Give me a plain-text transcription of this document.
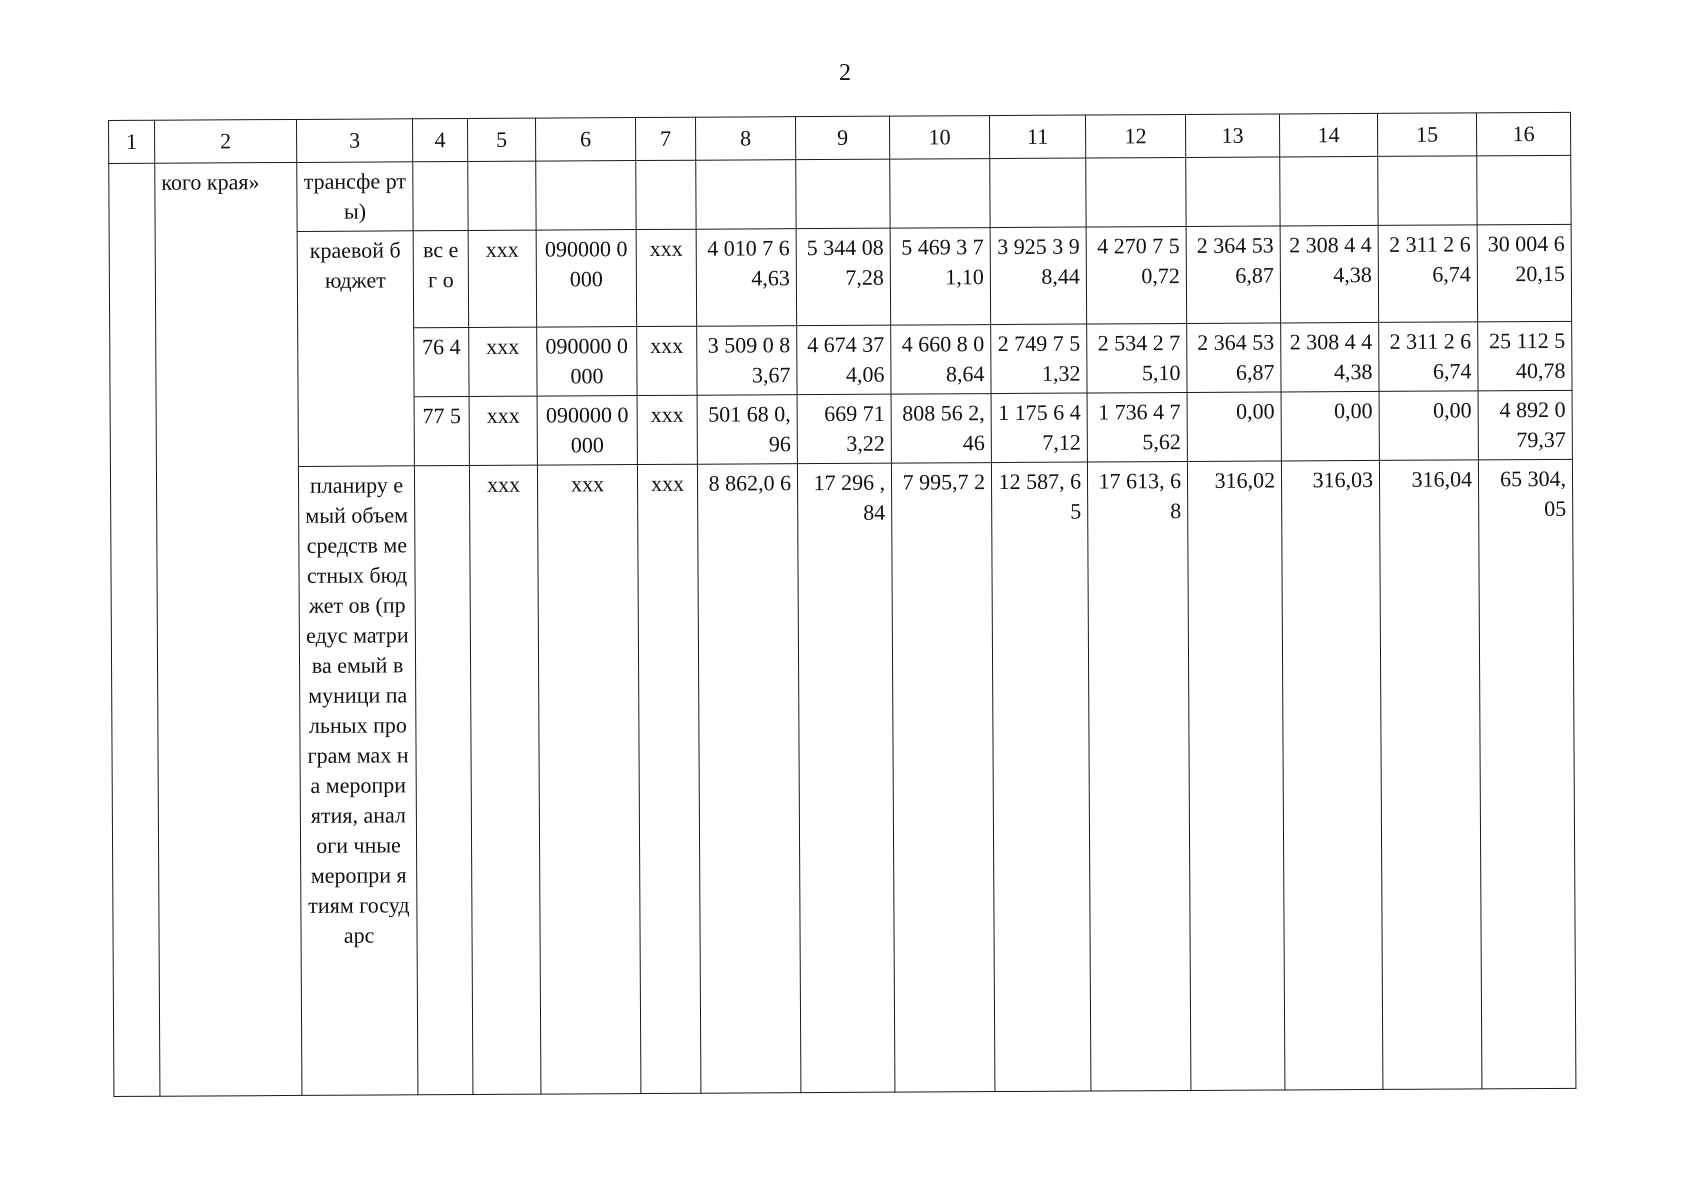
2
1	2	3	4	5	6	7	8	9	10	11	12	13	14	15	16
	кого края»	трансфе рты)													
		краевой бюджет	вс ег о	ххх	090000 0000	ххх	4 010 7 64,63	5 344 087,28	5 469 3 71,10	3 925 3 98,44	4 270 7 50,72	2 364 536,87	2 308 4 44,38	2 311 2 66,74	30 004 620,15
			76 4	ххх	090000 0000	ххх	3 509 0 83,67	4 674 374,06	4 660 8 08,64	2 749 7 51,32	2 534 2 75,10	2 364 536,87	2 308 4 44,38	2 311 2 66,74	25 112 540,78
			77 5	ххх	090000 0000	ххх	501 68 0,96	669 71 3,22	808 56 2,46	1 175 6 47,12	1 736 4 75,62	0,00	0,00	0,00	4 892 0 79,37
		планиру емый объем средств местных бюджет ов (предус матрива емый в муници пальных програм мах на меропри ятия, аналоги чные меропри ятиям государс		ххх	ххх	ххх	8 862,0 6	17 296 ,84	7 995,7 2	12 587, 65	17 613, 68	316,02	316,03	316,04	65 304, 05
